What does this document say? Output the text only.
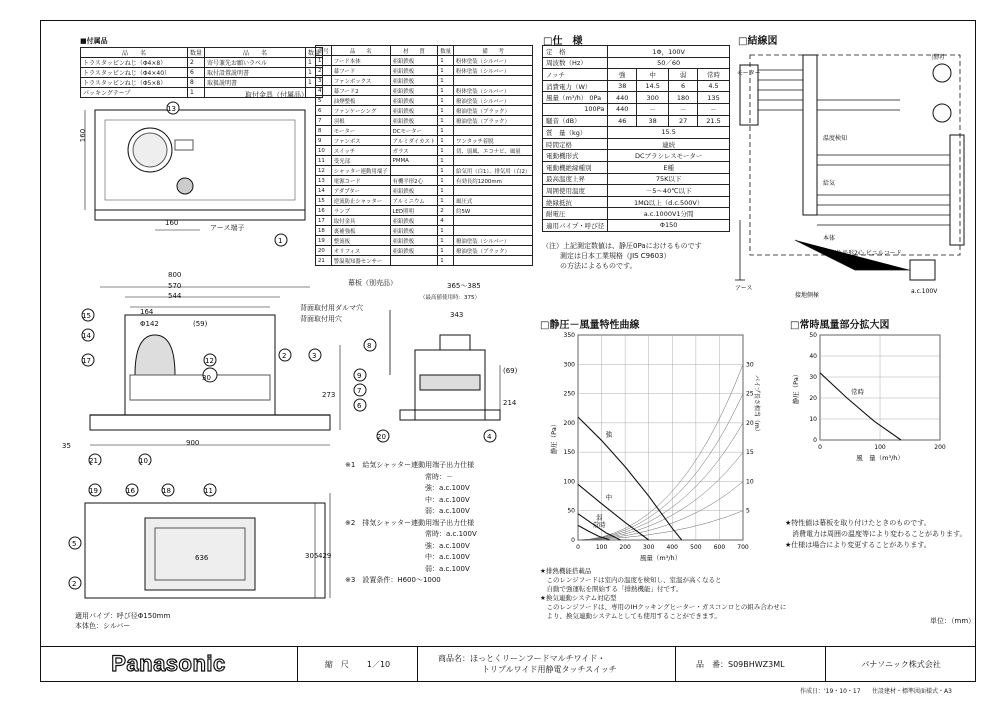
■付属品
品　　名	数量	品　　名	数量
トラスタッピンねじ（Φ4×8）	2	寄号兼先お願いラベル	1
トラスタッピンねじ（Φ4×40）	6	取付設置説明書	1
トラスタッピンねじ（Φ5×8）	8	取扱説明書	1
パッキングテープ	1		
番号	品　　名	材　　質	数量	備　　考
1	フード本体	亜鉛鉄板	1	粉体塗装（シルバー）
2	幕フード	亜鉛鉄板	1	粉体塗装（シルバー）
3	ファンボックス	亜鉛鉄板	1	
4	幕フード2	亜鉛鉄板	1	粉体塗装（シルバー）
5	油煙整板	亜鉛鉄板	1	撥油塗装（シルバー）
6	ファンケーシング	亜鉛鉄板	1	撥油塗装（ブラック）
7	羽根	亜鉛鉄板	1	撥油塗装（ブラック）
8	モーター	DCモーター	1	
9	ファンボス	アルミダイカスト	1	ワンタッチ着脱
10	スイッチ	ガラス	1	切、弱風、エコナビ、風量
11	受光部	PMMA	1	
12	シャッター連動用端子		1	給気用（白1）、排気用（白2）
13	電源コード	有機平形2心	1	有効長約1200mm
14	アダプター	亜鉛鉄板	1	
15	逆流防止シャッター	アルミニウム	1	風圧式
16	ランプ	LED照明	2	約5W
17	取付金具	亜鉛鉄板	4	
18	裏補強板	亜鉛鉄板	1	
19	整流板	亜鉛鉄板	1	撥油塗装（シルバー）
20	オリフィス	亜鉛鉄板	1	撥油塗装（ブラック）
21	警温報知器センサー		1	
1
13
160
160
取付金具（付属品）
アース端子
15
14
17
2	3
12
21	10
800
570
544
164
Φ142	(59)
30
273
900
35
背面取付用ダルマ穴
背面取付用穴
8
9
7
6
20	4
幕板（別売品）	365～385
（最高値使用時：375）
343
(69)
214
19	16	18	11
5
2
636	305 429
適用パイプ：呼び径Φ150mm
本体色：シルバー
※1　給気シャッター連動用端子出力仕様
常時：－
強：a.c.100V
中：a.c.100V
弱：a.c.100V
※2　排気シャッター連動用端子出力仕様
常時：a.c.100V
強：a.c.100V
中：a.c.100V
弱：a.c.100V
※3　設置条件：H600～1000
□仕　様
定　格	1Φ，100V			
周波数（Hz）	50／60			
ノッチ	強	中	弱	常時
消費電力（W）	38	14.5	6	4.5
風量（m³/h） 0Pa	440	300	180	135
100Pa	440	－	－	－
騒音（dB）	46	38	27	21.5
質　量（kg）	15.5			
時間定格	連続			
電動機形式	DCブラシレスモーター			
電動機絶縁種別	E種			
最高温度上昇	75K以下			
周囲使用温度	－5～40℃以下			
絶縁抵抗	1MΩ以上（d.c.500V）			
耐電圧	a.c.1000V1分間			
適用パイプ・呼び径	Φ150			
（注）上記測定数値は、静圧0Paにおけるものです
測定は日本工業規格（JIS C9603）
の方法によるものです。
□結線図
モーター
照明
温度検知
給気
本体
灰色平形2心 ビニルコード
a.c.100V
アース
接地側極
□静圧－風量特性曲線
0	100 200 300 400 500 600 700
0
50
100
150
200
250
300
350
風量（m³/h）
静圧（Pa）
5
10
15
20
25
30
パイプ長さ相当（m）
強
中
弱
常時
□常時風量部分拡大図
0	100	200
0
10
20
30
40
50
風　量（m³/h）
静圧（Pa）	常時
★特性値は幕板を取り付けたときのものです。
　消費電力は周囲の温度等により変わることがあります。
★仕様は場合により変更することがあります。
★排熱機能搭載品
　このレンジフードは室内の温度を検知し、室温が高くなると
　自動で強運転を開始する「排熱機能」付です。
★換気連動システム対応型
　このレンジフードは、専用のIHクッキングヒーター・ガスコンロとの組み合わせに
　より、換気連動システムとしても使用することができます。
単位：（mm）
Panasonic	縮　尺 1／10
商品名：ほっとくリーンフードマルチワイド・
トリプルワイド用静電タッチスイッチ
品　番： S09BHWZ3ML	パナソニック株式会社
作成日：'19・10・17 住設建材・標準図面様式・A3
